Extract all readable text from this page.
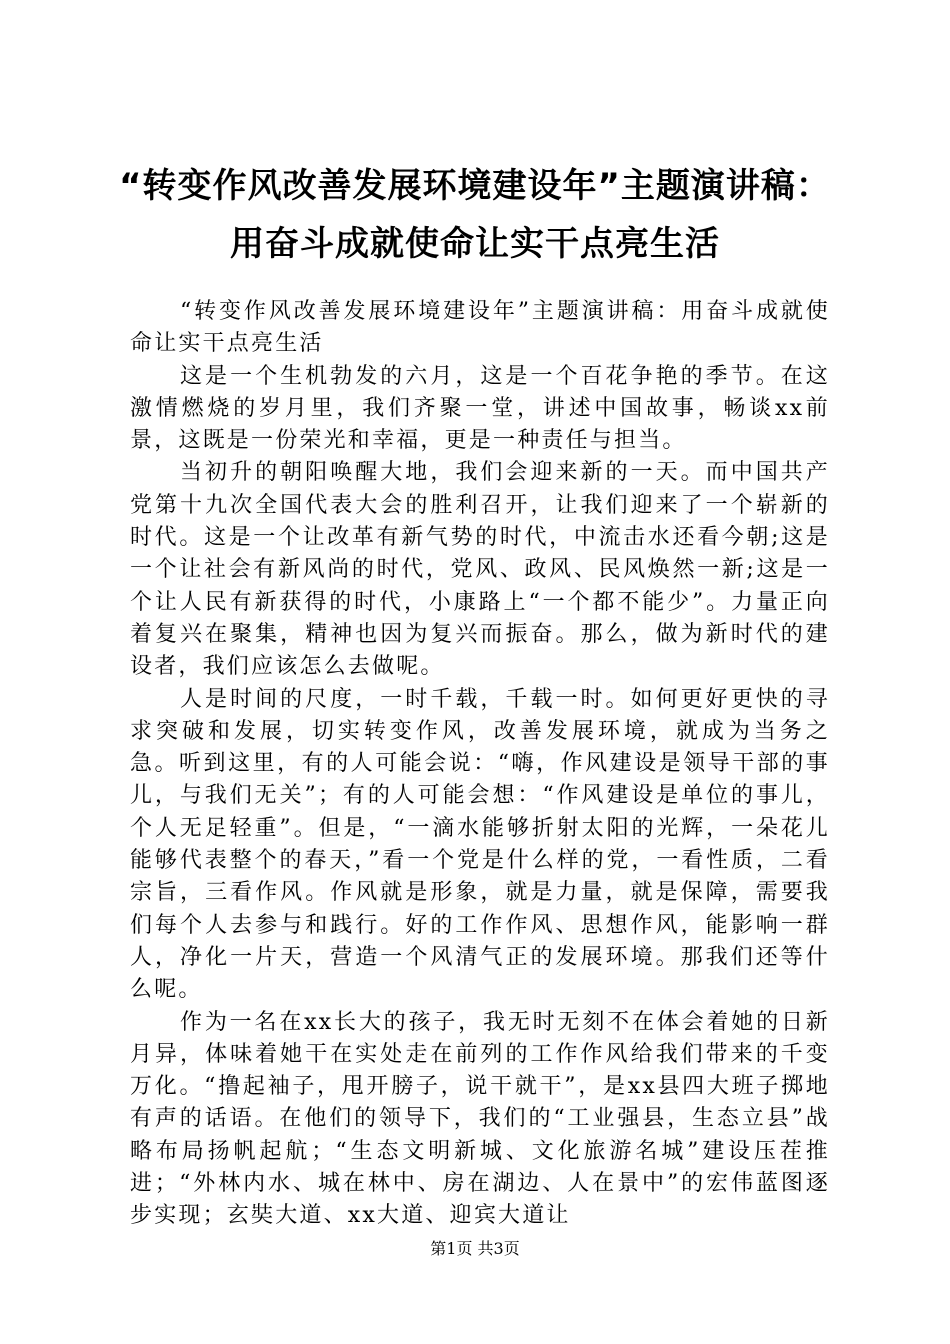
“转变作风改善发展环境建设年”主题演讲稿：
用奋斗成就使命让实干点亮生活

“转变作风改善发展环境建设年”主题演讲稿：用奋斗成就使命让实干点亮生活

这是一个生机勃发的六月，这是一个百花争艳的季节。在这激情燃烧的岁月里，我们齐聚一堂，讲述中国故事，畅谈xx前景，这既是一份荣光和幸福，更是一种责任与担当。

当初升的朝阳唤醒大地，我们会迎来新的一天。而中国共产党第十九次全国代表大会的胜利召开，让我们迎来了一个崭新的时代。这是一个让改革有新气势的时代，中流击水还看今朝;这是一个让社会有新风尚的时代，党风、政风、民风焕然一新;这是一个让人民有新获得的时代，小康路上“一个都不能少”。力量正向着复兴在聚集，精神也因为复兴而振奋。那么，做为新时代的建设者，我们应该怎么去做呢。

人是时间的尺度，一时千载，千载一时。如何更好更快的寻求突破和发展，切实转变作风，改善发展环境，就成为当务之急。听到这里，有的人可能会说：“嗨，作风建设是领导干部的事儿，与我们无关”；有的人可能会想：“作风建设是单位的事儿，个人无足轻重”。但是，“一滴水能够折射太阳的光辉，一朵花儿能够代表整个的春天，”看一个党是什么样的党，一看性质，二看宗旨，三看作风。作风就是形象，就是力量，就是保障，需要我们每个人去参与和践行。好的工作作风、思想作风，能影响一群人，净化一片天，营造一个风清气正的发展环境。那我们还等什么呢。

作为一名在xx长大的孩子，我无时无刻不在体会着她的日新月异，体味着她干在实处走在前列的工作作风给我们带来的千变万化。“撸起袖子，甩开膀子，说干就干”，是xx县四大班子掷地有声的话语。在他们的领导下，我们的“工业强县，生态立县”战略布局扬帆起航；“生态文明新城、文化旅游名城”建设压茬推进；“外林内水、城在林中、房在湖边、人在景中”的宏伟蓝图逐步实现；玄奘大道、xx大道、迎宾大道让

第1页 共3页
